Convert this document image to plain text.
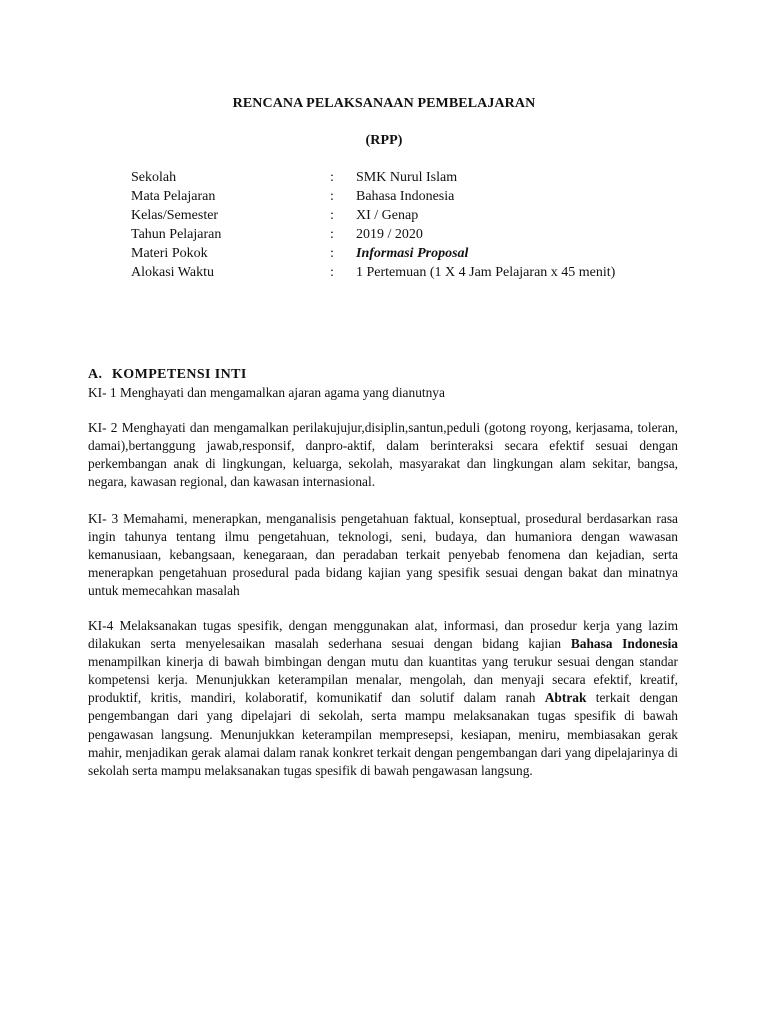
RENCANA PELAKSANAAN PEMBELAJARAN
(RPP)
Sekolah	:	SMK Nurul Islam
Mata Pelajaran	:	Bahasa Indonesia
Kelas/Semester	:	XI / Genap
Tahun Pelajaran	:	2019 / 2020
Materi Pokok	:	Informasi Proposal
Alokasi Waktu	:	1 Pertemuan (1 X 4 Jam Pelajaran x 45 menit)
A. KOMPETENSI INTI
KI- 1 Menghayati dan mengamalkan ajaran agama yang dianutnya
KI- 2 Menghayati dan mengamalkan perilakujujur,disiplin,santun,peduli (gotong royong, kerjasama, toleran, damai),bertanggung jawab,responsif, danpro-aktif, dalam berinteraksi secara efektif sesuai dengan perkembangan anak di lingkungan, keluarga, sekolah, masyarakat dan lingkungan alam sekitar, bangsa, negara, kawasan regional, dan kawasan internasional.
KI- 3 Memahami, menerapkan, menganalisis pengetahuan faktual, konseptual, prosedural berdasarkan rasa ingin tahunya tentang ilmu pengetahuan, teknologi, seni, budaya, dan humaniora dengan wawasan kemanusiaan, kebangsaan, kenegaraan, dan peradaban terkait penyebab fenomena dan kejadian, serta menerapkan pengetahuan prosedural pada bidang kajian yang spesifik sesuai dengan bakat dan minatnya untuk memecahkan masalah
KI-4 Melaksanakan tugas spesifik, dengan menggunakan alat, informasi, dan prosedur kerja yang lazim dilakukan serta menyelesaikan masalah sederhana sesuai dengan bidang kajian Bahasa Indonesia menampilkan kinerja di bawah bimbingan dengan mutu dan kuantitas yang terukur sesuai dengan standar kompetensi kerja. Menunjukkan keterampilan menalar, mengolah, dan menyaji secara efektif, kreatif, produktif, kritis, mandiri, kolaboratif, komunikatif dan solutif dalam ranah Abtrak terkait dengan pengembangan dari yang dipelajari di sekolah, serta mampu melaksanakan tugas spesifik di bawah pengawasan langsung. Menunjukkan keterampilan mempresepsi, kesiapan, meniru, membiasakan gerak mahir, menjadikan gerak alamai dalam ranak konkret terkait dengan pengembangan dari yang dipelajarinya di sekolah serta mampu melaksanakan tugas spesifik di bawah pengawasan langsung.
